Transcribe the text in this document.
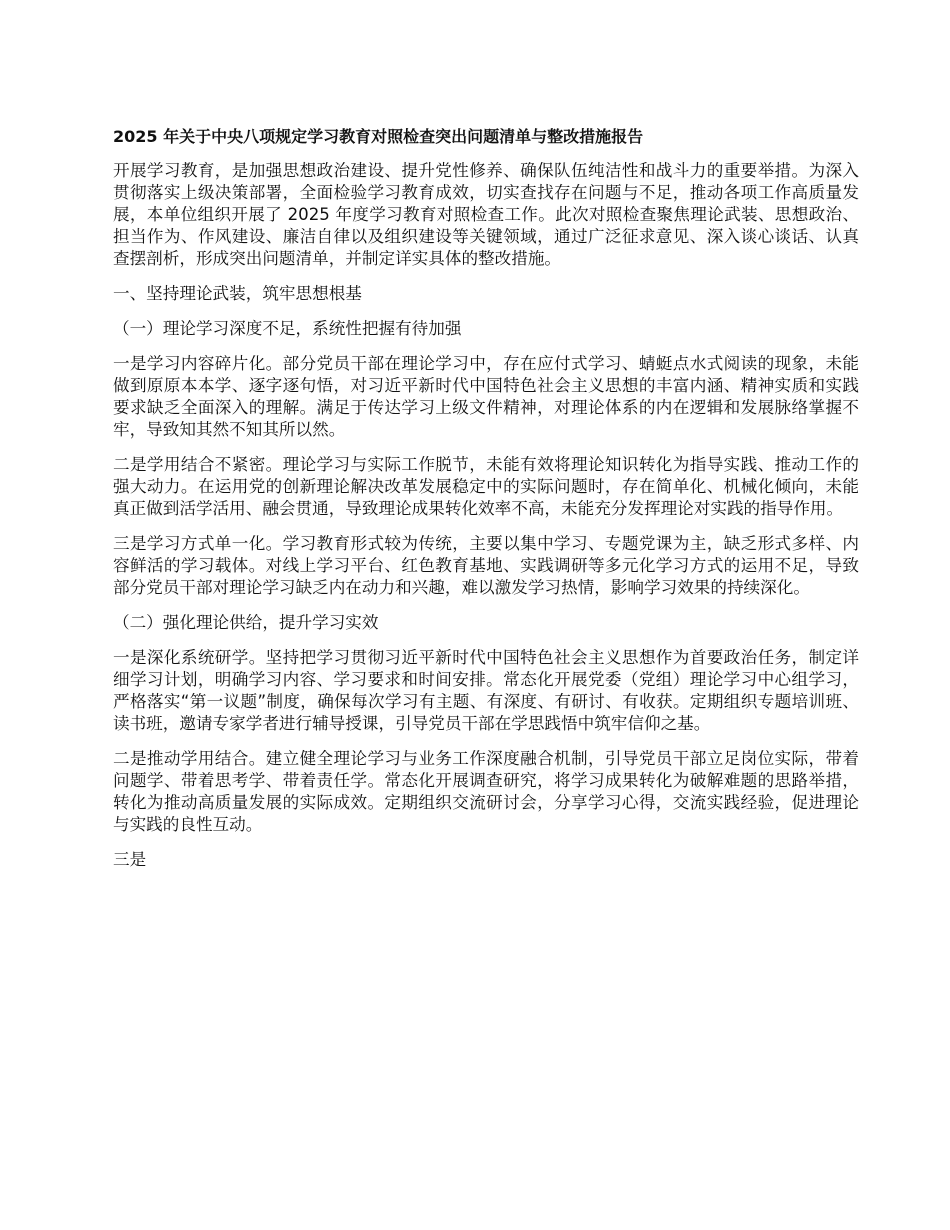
2025 年关于中央八项规定学习教育对照检查突出问题清单与整改措施报告

开展学习教育，是加强思想政治建设、提升党性修养、确保队伍纯洁性和战斗力的重要举措。为深入贯彻落实上级决策部署，全面检验学习教育成效，切实查找存在问题与不足，推动各项工作高质量发展，本单位组织开展了 2025 年度学习教育对照检查工作。此次对照检查聚焦理论武装、思想政治、担当作为、作风建设、廉洁自律以及组织建设等关键领域，通过广泛征求意见、深入谈心谈话、认真查摆剖析，形成突出问题清单，并制定详实具体的整改措施。

一、坚持理论武装，筑牢思想根基

（一）理论学习深度不足，系统性把握有待加强

一是学习内容碎片化。部分党员干部在理论学习中，存在应付式学习、蜻蜓点水式阅读的现象，未能做到原原本本学、逐字逐句悟，对习近平新时代中国特色社会主义思想的丰富内涵、精神实质和实践要求缺乏全面深入的理解。满足于传达学习上级文件精神，对理论体系的内在逻辑和发展脉络掌握不牢，导致知其然不知其所以然。

二是学用结合不紧密。理论学习与实际工作脱节，未能有效将理论知识转化为指导实践、推动工作的强大动力。在运用党的创新理论解决改革发展稳定中的实际问题时，存在简单化、机械化倾向，未能真正做到活学活用、融会贯通，导致理论成果转化效率不高，未能充分发挥理论对实践的指导作用。

三是学习方式单一化。学习教育形式较为传统，主要以集中学习、专题党课为主，缺乏形式多样、内容鲜活的学习载体。对线上学习平台、红色教育基地、实践调研等多元化学习方式的运用不足，导致部分党员干部对理论学习缺乏内在动力和兴趣，难以激发学习热情，影响学习效果的持续深化。

（二）强化理论供给，提升学习实效

一是深化系统研学。坚持把学习贯彻习近平新时代中国特色社会主义思想作为首要政治任务，制定详细学习计划，明确学习内容、学习要求和时间安排。常态化开展党委（党组）理论学习中心组学习，严格落实“第一议题”制度，确保每次学习有主题、有深度、有研讨、有收获。定期组织专题培训班、读书班，邀请专家学者进行辅导授课，引导党员干部在学思践悟中筑牢信仰之基。

二是推动学用结合。建立健全理论学习与业务工作深度融合机制，引导党员干部立足岗位实际，带着问题学、带着思考学、带着责任学。常态化开展调查研究，将学习成果转化为破解难题的思路举措，转化为推动高质量发展的实际成效。定期组织交流研讨会，分享学习心得，交流实践经验，促进理论与实践的良性互动。

三是
